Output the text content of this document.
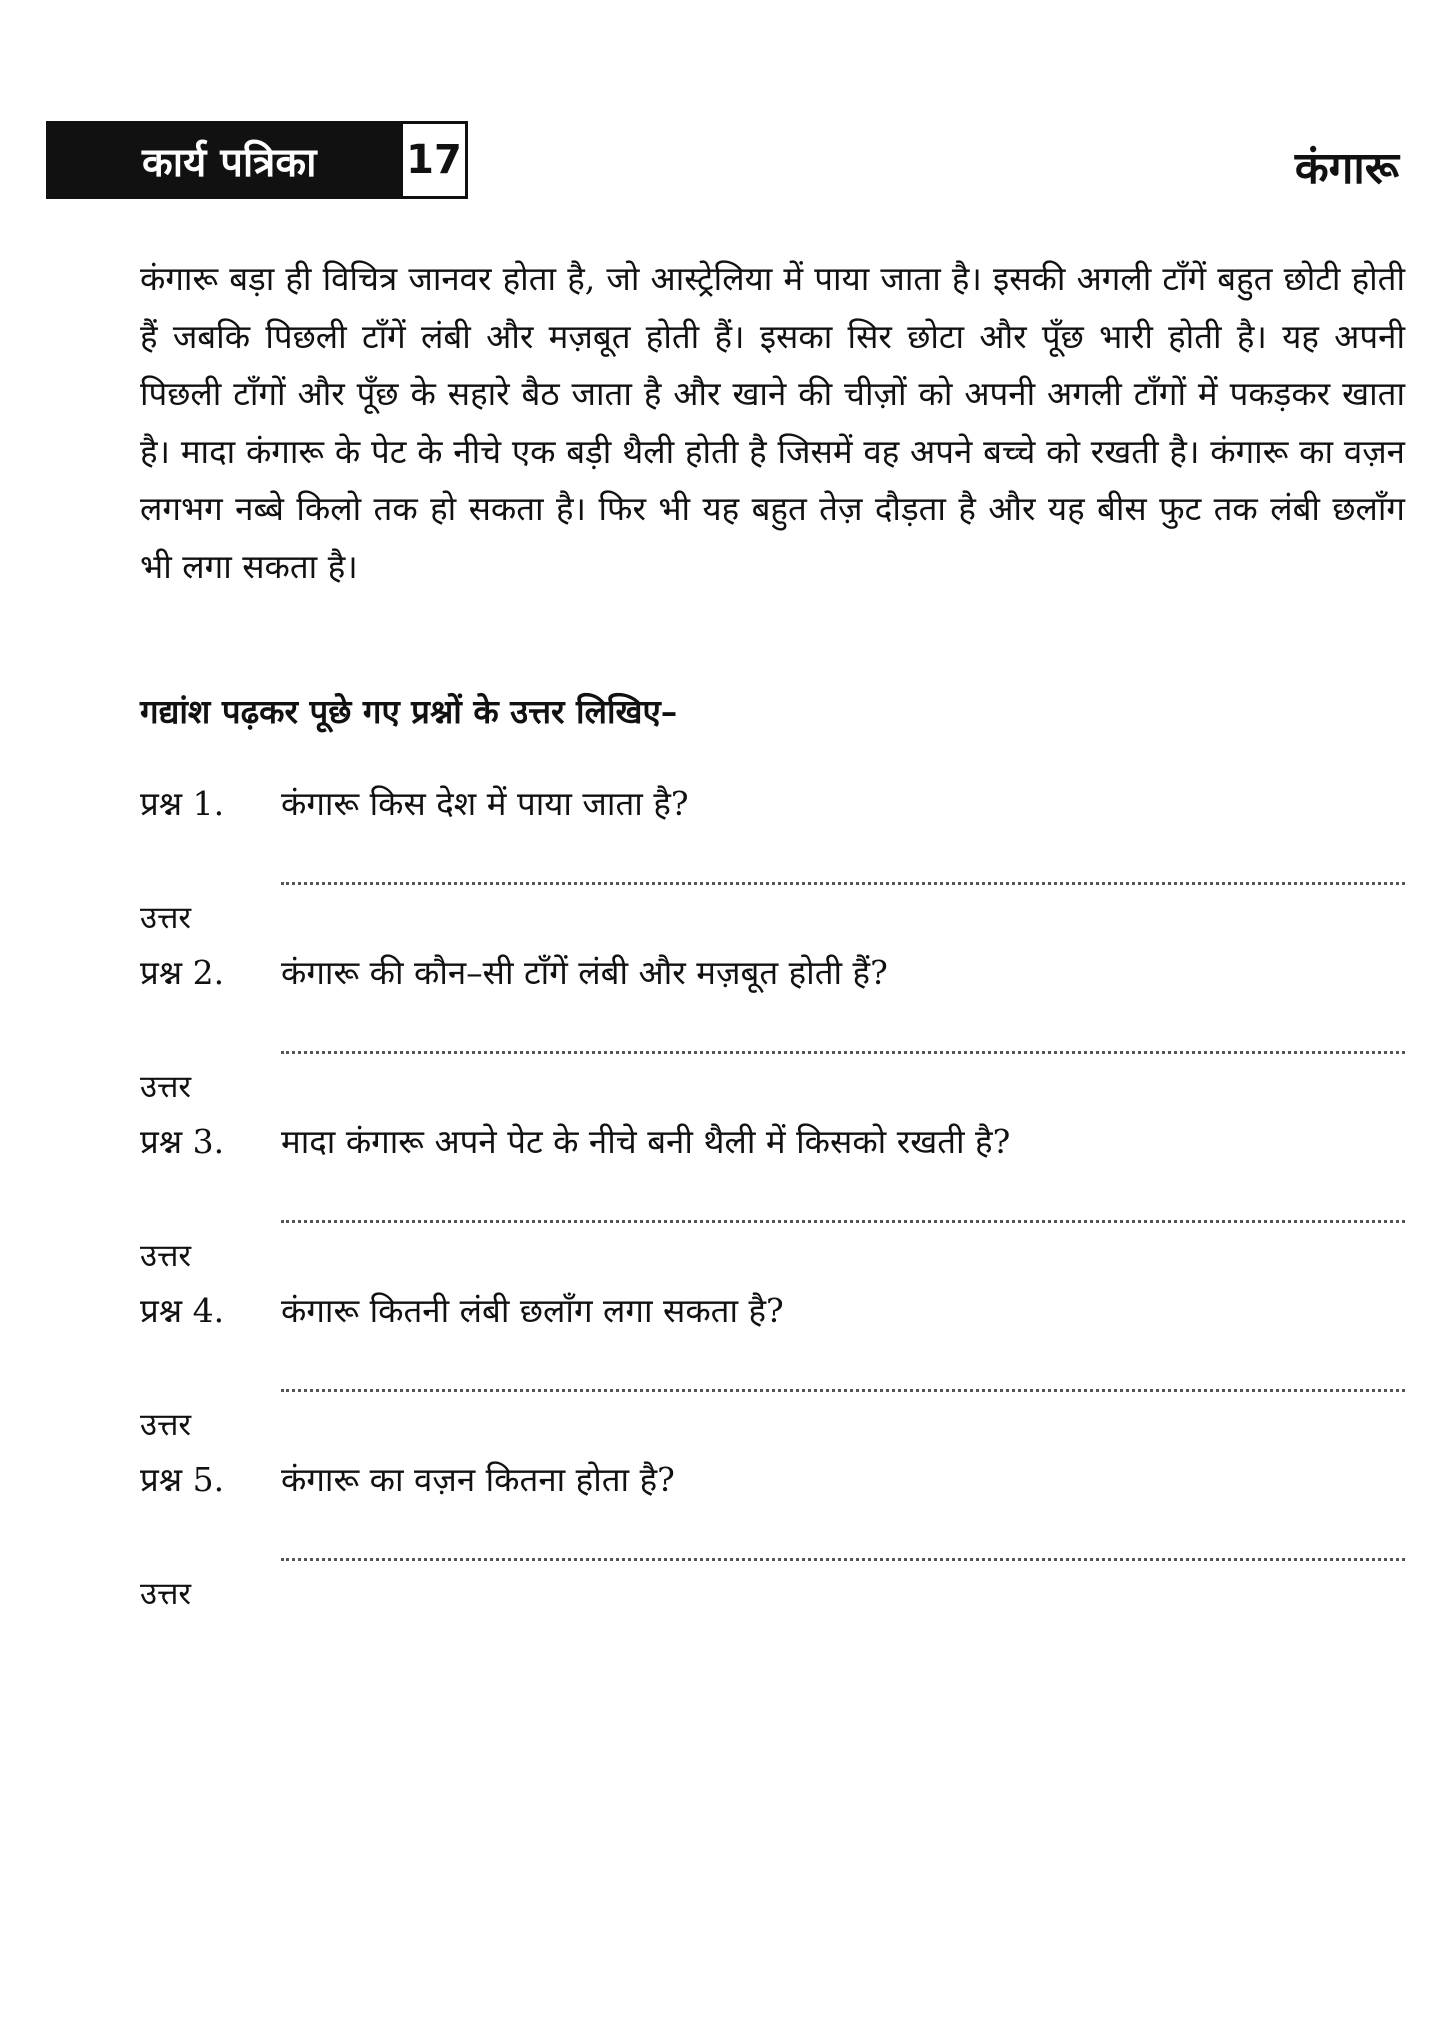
कार्य पत्रिका 17	कंगारू

कंगारू बड़ा ही विचित्र जानवर होता है, जो आस्ट्रेलिया में पाया जाता है। इसकी अगली टाँगें बहुत छोटी होती हैं जबकि पिछली टाँगें लंबी और मज़बूत होती हैं। इसका सिर छोटा और पूँछ भारी होती है। यह अपनी पिछली टाँगों और पूँछ के सहारे बैठ जाता है और खाने की चीज़ों को अपनी अगली टाँगों में पकड़कर खाता है। मादा कंगारू के पेट के नीचे एक बड़ी थैली होती है जिसमें वह अपने बच्चे को रखती है। कंगारू का वज़न लगभग नब्बे किलो तक हो सकता है। फिर भी यह बहुत तेज़ दौड़ता है और यह बीस फुट तक लंबी छलाँग भी लगा सकता है।

गद्यांश पढ़कर पूछे गए प्रश्नों के उत्तर लिखिए–

प्रश्न 1. कंगारू किस देश में पाया जाता है?
उत्तर
प्रश्न 2. कंगारू की कौन–सी टाँगें लंबी और मज़बूत होती हैं?
उत्तर
प्रश्न 3. मादा कंगारू अपने पेट के नीचे बनी थैली में किसको रखती है?
उत्तर
प्रश्न 4. कंगारू कितनी लंबी छलाँग लगा सकता है?
उत्तर
प्रश्न 5. कंगारू का वज़न कितना होता है?
उत्तर
